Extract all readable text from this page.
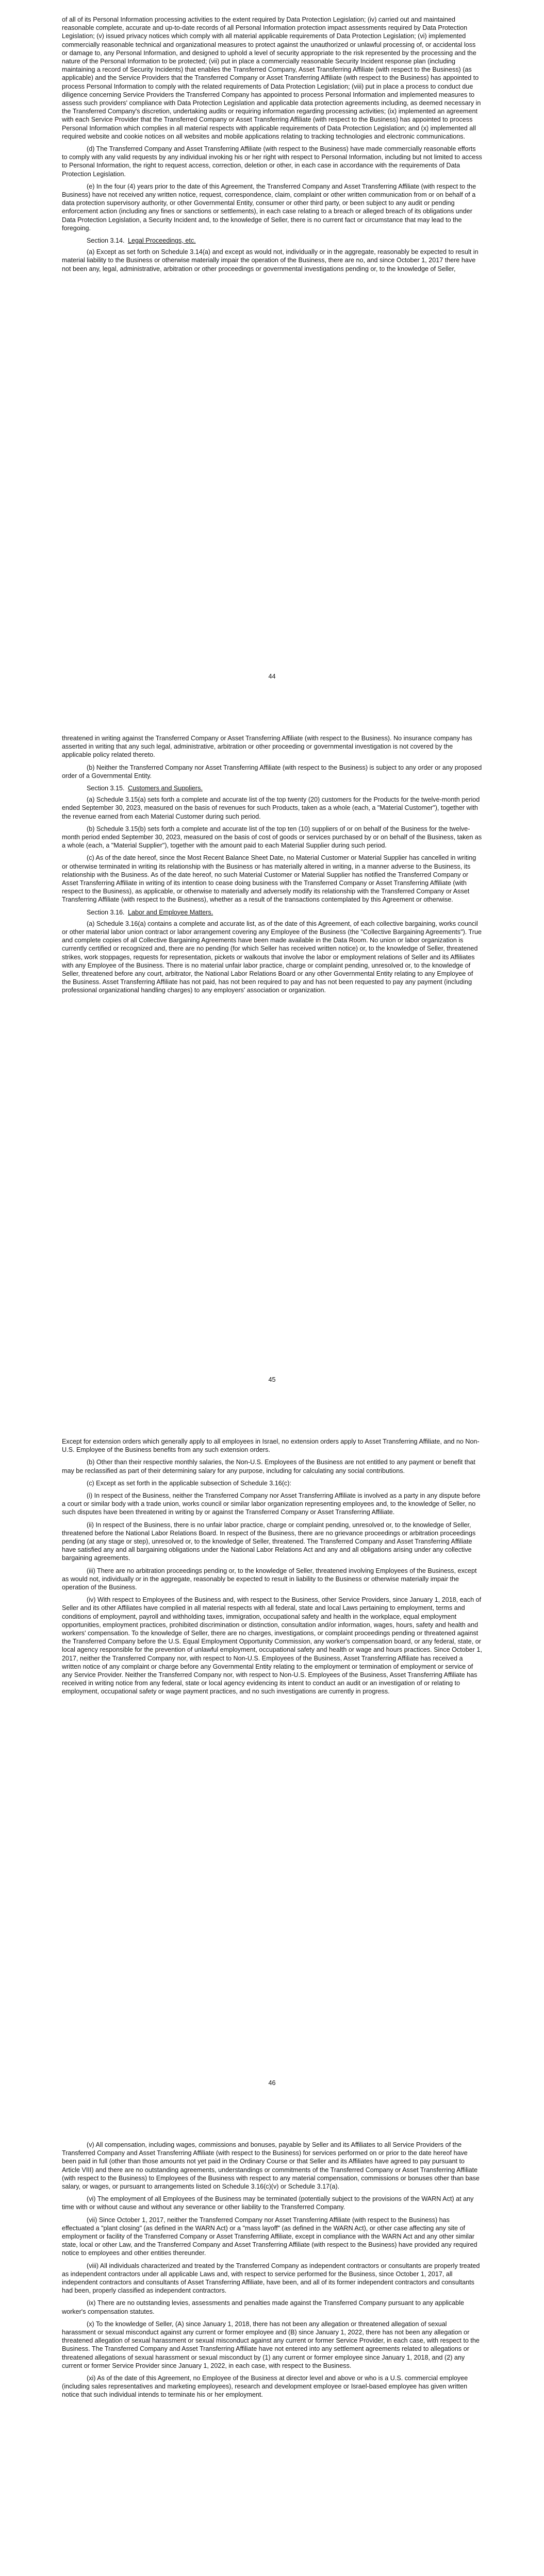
of all of its Personal Information processing activities to the extent required by Data Protection Legislation; (iv) carried out and maintained reasonable complete, accurate and up-to-date records of all Personal Information protection impact assessments required by Data Protection Legislation; (v) issued privacy notices which comply with all material applicable requirements of Data Protection Legislation; (vi) implemented commercially reasonable technical and organizational measures to protect against the unauthorized or unlawful processing of, or accidental loss or damage to, any Personal Information, and designed to uphold a level of security appropriate to the risk represented by the processing and the nature of the Personal Information to be protected; (vii) put in place a commercially reasonable Security Incident response plan (including maintaining a record of Security Incidents) that enables the Transferred Company, Asset Transferring Affiliate (with respect to the Business) (as applicable) and the Service Providers that the Transferred Company or Asset Transferring Affiliate (with respect to the Business) has appointed to process Personal Information to comply with the related requirements of Data Protection Legislation; (viii) put in place a process to conduct due diligence concerning Service Providers the Transferred Company has appointed to process Personal Information and implemented measures to assess such providers' compliance with Data Protection Legislation and applicable data protection agreements including, as deemed necessary in the Transferred Company's discretion, undertaking audits or requiring information regarding processing activities; (ix) implemented an agreement with each Service Provider that the Transferred Company or Asset Transferring Affiliate (with respect to the Business) has appointed to process Personal Information which complies in all material respects with applicable requirements of Data Protection Legislation; and (x) implemented all required website and cookie notices on all websites and mobile applications relating to tracking technologies and electronic communications.

(d) The Transferred Company and Asset Transferring Affiliate (with respect to the Business) have made commercially reasonable efforts to comply with any valid requests by any individual invoking his or her right with respect to Personal Information, including but not limited to access to Personal Information, the right to request access, correction, deletion or other, in each case in accordance with the requirements of Data Protection Legislation.

(e) In the four (4) years prior to the date of this Agreement, the Transferred Company and Asset Transferring Affiliate (with respect to the Business) have not received any written notice, request, correspondence, claim, complaint or other written communication from or on behalf of a data protection supervisory authority, or other Governmental Entity, consumer or other third party, or been subject to any audit or pending enforcement action (including any fines or sanctions or settlements), in each case relating to a breach or alleged breach of its obligations under Data Protection Legislation, a Security Incident and, to the knowledge of Seller, there is no current fact or circumstance that may lead to the foregoing.

Section 3.14. Legal Proceedings, etc.

(a) Except as set forth on Schedule 3.14(a) and except as would not, individually or in the aggregate, reasonably be expected to result in material liability to the Business or otherwise materially impair the operation of the Business, there are no, and since October 1, 2017 there have not been any, legal, administrative, arbitration or other proceedings or governmental investigations pending or, to the knowledge of Seller,

44

threatened in writing against the Transferred Company or Asset Transferring Affiliate (with respect to the Business). No insurance company has asserted in writing that any such legal, administrative, arbitration or other proceeding or governmental investigation is not covered by the applicable policy related thereto.

(b) Neither the Transferred Company nor Asset Transferring Affiliate (with respect to the Business) is subject to any order or any proposed order of a Governmental Entity.

Section 3.15. Customers and Suppliers.

(a) Schedule 3.15(a) sets forth a complete and accurate list of the top twenty (20) customers for the Products for the twelve-month period ended September 30, 2023, measured on the basis of revenues for such Products, taken as a whole (each, a "Material Customer"), together with the revenue earned from each Material Customer during such period.

(b) Schedule 3.15(b) sets forth a complete and accurate list of the top ten (10) suppliers of or on behalf of the Business for the twelve-month period ended September 30, 2023, measured on the basis of cost of goods or services purchased by or on behalf of the Business, taken as a whole (each, a "Material Supplier"), together with the amount paid to each Material Supplier during such period.

(c) As of the date hereof, since the Most Recent Balance Sheet Date, no Material Customer or Material Supplier has cancelled in writing or otherwise terminated in writing its relationship with the Business or has materially altered in writing, in a manner adverse to the Business, its relationship with the Business. As of the date hereof, no such Material Customer or Material Supplier has notified the Transferred Company or Asset Transferring Affiliate in writing of its intention to cease doing business with the Transferred Company or Asset Transferring Affiliate (with respect to the Business), as applicable, or otherwise to materially and adversely modify its relationship with the Transferred Company or Asset Transferring Affiliate (with respect to the Business), whether as a result of the transactions contemplated by this Agreement or otherwise.

Section 3.16. Labor and Employee Matters.

(a) Schedule 3.16(a) contains a complete and accurate list, as of the date of this Agreement, of each collective bargaining, works council or other material labor union contract or labor arrangement covering any Employee of the Business (the "Collective Bargaining Agreements"). True and complete copies of all Collective Bargaining Agreements have been made available in the Data Room. No union or labor organization is currently certified or recognized and, there are no pending (for which Seller has received written notice) or, to the knowledge of Seller, threatened strikes, work stoppages, requests for representation, pickets or walkouts that involve the labor or employment relations of Seller and its Affiliates with any Employee of the Business. There is no material unfair labor practice, charge or complaint pending, unresolved or, to the knowledge of Seller, threatened before any court, arbitrator, the National Labor Relations Board or any other Governmental Entity relating to any Employee of the Business. Asset Transferring Affiliate has not paid, has not been required to pay and has not been requested to pay any payment (including professional organizational handling charges) to any employers' association or organization.

45

Except for extension orders which generally apply to all employees in Israel, no extension orders apply to Asset Transferring Affiliate, and no Non-U.S. Employee of the Business benefits from any such extension orders.

(b) Other than their respective monthly salaries, the Non-U.S. Employees of the Business are not entitled to any payment or benefit that may be reclassified as part of their determining salary for any purpose, including for calculating any social contributions.

(c) Except as set forth in the applicable subsection of Schedule 3.16(c):

(i) In respect of the Business, neither the Transferred Company nor Asset Transferring Affiliate is involved as a party in any dispute before a court or similar body with a trade union, works council or similar labor organization representing employees and, to the knowledge of Seller, no such disputes have been threatened in writing by or against the Transferred Company or Asset Transferring Affiliate.

(ii) In respect of the Business, there is no unfair labor practice, charge or complaint pending, unresolved or, to the knowledge of Seller, threatened before the National Labor Relations Board. In respect of the Business, there are no grievance proceedings or arbitration proceedings pending (at any stage or step), unresolved or, to the knowledge of Seller, threatened. The Transferred Company and Asset Transferring Affiliate have satisfied any and all bargaining obligations under the National Labor Relations Act and any and all obligations arising under any collective bargaining agreements.

(iii) There are no arbitration proceedings pending or, to the knowledge of Seller, threatened involving Employees of the Business, except as would not, individually or in the aggregate, reasonably be expected to result in liability to the Business or otherwise materially impair the operation of the Business.

(iv) With respect to Employees of the Business and, with respect to the Business, other Service Providers, since January 1, 2018, each of Seller and its other Affiliates have complied in all material respects with all federal, state and local Laws pertaining to employment, terms and conditions of employment, payroll and withholding taxes, immigration, occupational safety and health in the workplace, equal employment opportunities, employment practices, prohibited discrimination or distinction, consultation and/or information, wages, hours, safety and health and workers' compensation. To the knowledge of Seller, there are no charges, investigations, or complaint proceedings pending or threatened against the Transferred Company before the U.S. Equal Employment Opportunity Commission, any worker's compensation board, or any federal, state, or local agency responsible for the prevention of unlawful employment, occupational safety and health or wage and hours practices. Since October 1, 2017, neither the Transferred Company nor, with respect to Non-U.S. Employees of the Business, Asset Transferring Affiliate has received a written notice of any complaint or charge before any Governmental Entity relating to the employment or termination of employment or service of any Service Provider. Neither the Transferred Company nor, with respect to Non-U.S. Employees of the Business, Asset Transferring Affiliate has received in writing notice from any federal, state or local agency evidencing its intent to conduct an audit or an investigation of or relating to employment, occupational safety or wage payment practices, and no such investigations are currently in progress.

46

(v) All compensation, including wages, commissions and bonuses, payable by Seller and its Affiliates to all Service Providers of the Transferred Company and Asset Transferring Affiliate (with respect to the Business) for services performed on or prior to the date hereof have been paid in full (other than those amounts not yet paid in the Ordinary Course or that Seller and its Affiliates have agreed to pay pursuant to Article VIII) and there are no outstanding agreements, understandings or commitments of the Transferred Company or Asset Transferring Affiliate (with respect to the Business) to Employees of the Business with respect to any material compensation, commissions or bonuses other than base salary, or wages, or pursuant to arrangements listed on Schedule 3.16(c)(v) or Schedule 3.17(a).

(vi) The employment of all Employees of the Business may be terminated (potentially subject to the provisions of the WARN Act) at any time with or without cause and without any severance or other liability to the Transferred Company.

(vii) Since October 1, 2017, neither the Transferred Company nor Asset Transferring Affiliate (with respect to the Business) has effectuated a "plant closing" (as defined in the WARN Act) or a "mass layoff" (as defined in the WARN Act), or other case affecting any site of employment or facility of the Transferred Company or Asset Transferring Affiliate, except in compliance with the WARN Act and any other similar state, local or other Law, and the Transferred Company and Asset Transferring Affiliate (with respect to the Business) have provided any required notice to employees and other entities thereunder.

(viii) All individuals characterized and treated by the Transferred Company as independent contractors or consultants are properly treated as independent contractors under all applicable Laws and, with respect to service performed for the Business, since October 1, 2017, all independent contractors and consultants of Asset Transferring Affiliate, have been, and all of its former independent contractors and consultants had been, properly classified as independent contractors.

(ix) There are no outstanding levies, assessments and penalties made against the Transferred Company pursuant to any applicable worker's compensation statutes.

(x) To the knowledge of Seller, (A) since January 1, 2018, there has not been any allegation or threatened allegation of sexual harassment or sexual misconduct against any current or former employee and (B) since January 1, 2022, there has not been any allegation or threatened allegation of sexual harassment or sexual misconduct against any current or former Service Provider, in each case, with respect to the Business. The Transferred Company and Asset Transferring Affiliate have not entered into any settlement agreements related to allegations or threatened allegations of sexual harassment or sexual misconduct by (1) any current or former employee since January 1, 2018, and (2) any current or former Service Provider since January 1, 2022, in each case, with respect to the Business.

(xi) As of the date of this Agreement, no Employee of the Business at director level and above or who is a U.S. commercial employee (including sales representatives and marketing employees), research and development employee or Israel-based employee has given written notice that such individual intends to terminate his or her employment.
